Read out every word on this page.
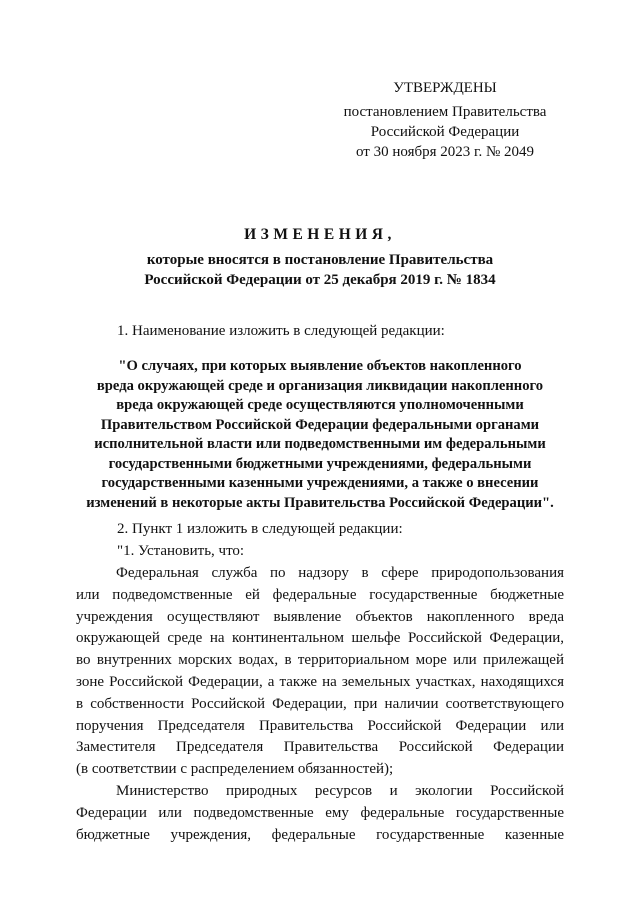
УТВЕРЖДЕНЫ
постановлением Правительства
Российской Федерации
от 30 ноября 2023 г. № 2049
ИЗМЕНЕНИЯ,
которые вносятся в постановление Правительства
Российской Федерации от 25 декабря 2019 г. № 1834
1. Наименование изложить в следующей редакции:
"О случаях, при которых выявление объектов накопленного
вреда окружающей среде и организация ликвидации накопленного
вреда окружающей среде осуществляются уполномоченными
Правительством Российской Федерации федеральными органами
исполнительной власти или подведомственными им федеральными
государственными бюджетными учреждениями, федеральными
государственными казенными учреждениями, а также о внесении
изменений в некоторые акты Правительства Российской Федерации".
2. Пункт 1 изложить в следующей редакции:
"1. Установить, что:
Федеральная служба по надзору в сфере природопользования
или подведомственные ей федеральные государственные бюджетные
учреждения осуществляют выявление объектов накопленного вреда
окружающей среде на континентальном шельфе Российской Федерации,
во внутренних морских водах, в территориальном море или прилежащей
зоне Российской Федерации, а также на земельных участках, находящихся
в собственности Российской Федерации, при наличии соответствующего
поручения Председателя Правительства Российской Федерации или
Заместителя Председателя Правительства Российской Федерации
(в соответствии с распределением обязанностей);
Министерство природных ресурсов и экологии Российской
Федерации или подведомственные ему федеральные государственные
бюджетные учреждения, федеральные государственные казенные
